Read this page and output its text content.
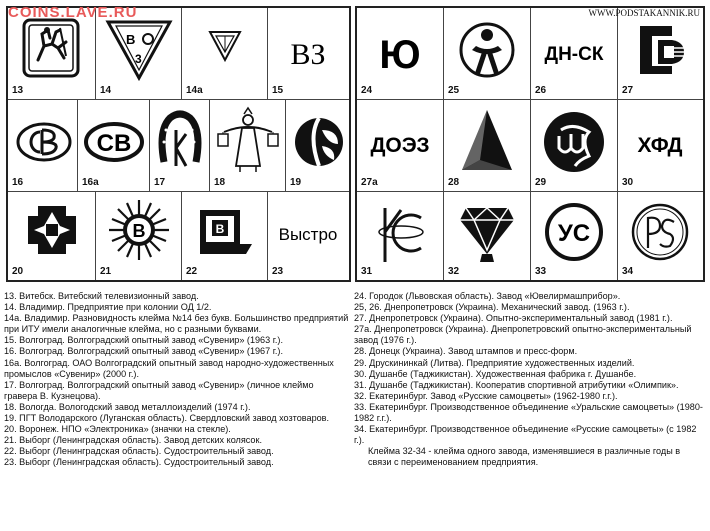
COINS.LAVE.RU	WWW.PODSTAKANNIK.RU
13
В
3
14	14а
ВЗ
15
16
СВ
16а	17	18	19
20
В
21
В
22
Выстро
23
Ю
24	25
ДН-СК
26	27
ДОЭЗ
27а	28	29
ХФД
30
31	32
УС
33	34

13. Витебск. Витебский телевизионный завод.

14. Владимир. Предприятие при колонии ОД 1/2.

14а. Владимир. Разновидность клейма №14 без букв. Большинство предприятий при ИТУ имели аналогичные клейма, но с разными буквами.

15. Волгоград. Волгоградский опытный завод «Сувенир» (1963 г.).

16. Волгоград. Волгоградский опытный завод «Сувенир» (1967 г.).

16а. Волгоград. ОАО Волгоградский опытный завод народно-художественных промыслов «Сувенир» (2000 г.).

17. Волгоград. Волгоградский опытный завод «Сувенир» (личное клеймо гравера В. Кузнецова).

18. Вологда. Вологодский завод металлоизделий (1974 г.).

19. ПГТ Володарского (Луганская область). Свердловский завод хозтоваров.

20. Воронеж. НПО «Электроника» (значки на стекле).

21. Выборг (Ленинградская область). Завод детских колясок.

22. Выборг (Ленинградская область). Судостроительный завод.

23. Выборг (Ленинградская область). Судостроительный завод.

24. Городок (Львовская область). Завод «Ювелирмашприбор».

25, 26. Днепропетровск (Украина). Механический завод. (1963 г.).

27. Днепропетровск (Украина). Опытно-экспериментальный завод (1981 г.).

27а. Днепропетровск (Украина). Днепропетровский опытно-экспериментальный завод (1976 г.).

28. Донецк (Украина). Завод штампов и пресс-форм.

29. Друскининкай (Литва). Предприятие художественных изделий.

30. Душанбе (Таджикистан). Художественная фабрика г. Душанбе.

31. Душанбе (Таджикистан). Кооператив спортивной атрибутики «Олимпик».

32. Екатеринбург. Завод «Русские самоцветы» (1962-1980 г.г.).

33. Екатеринбург. Производственное объединение «Уральские самоцветы» (1980-1982 г.г.).

34. Екатеринбург. Производственное объединение «Русские самоцветы» (с 1982 г.).

Клейма 32-34 - клейма одного завода, изменявшиеся в различные годы в связи с переименованием предприятия.
